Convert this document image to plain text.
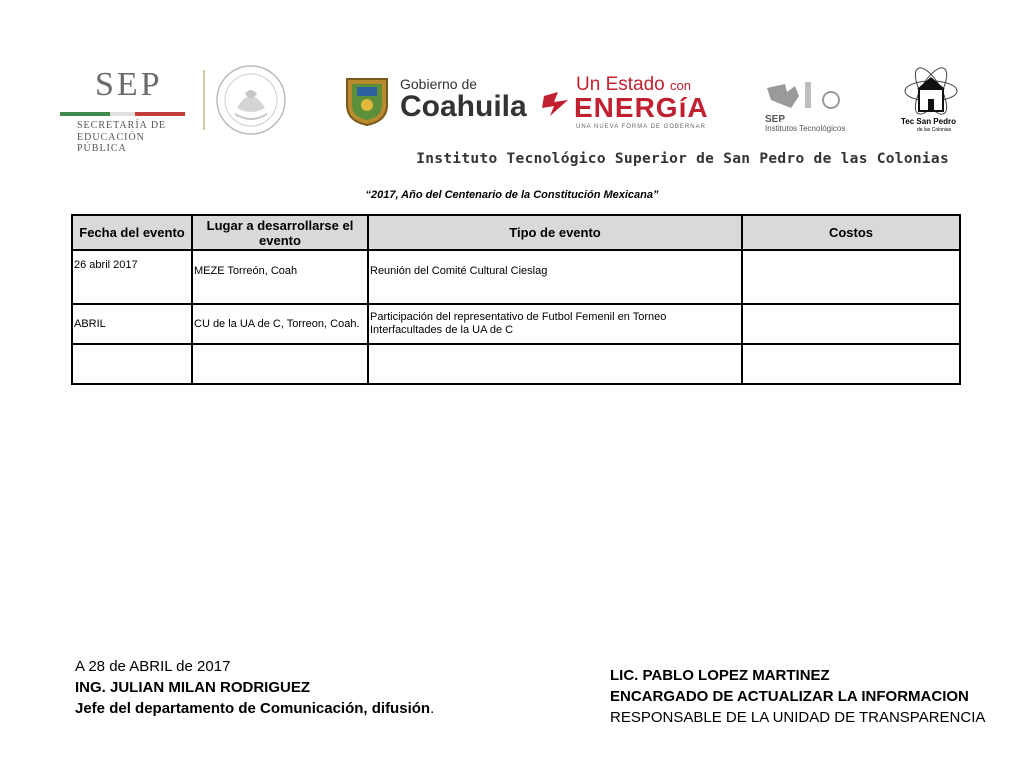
SEP
SECRETARÍA DE
EDUCACIÓN PÚBLICA
Gobierno de
Coahuila
Un Estado con
ENERGíA
UNA NUEVA FORMA DE GOBERNAR
SEP
Institutos Tecnológicos
Tec San Pedro
de las Colonias
Instituto Tecnológico Superior de San Pedro de las Colonias
“2017, Año del Centenario de la Constitución Mexicana”
Fecha del evento	Lugar a desarrollarse el evento	Tipo de evento	Costos
26 abril 2017	MEZE Torreón, Coah	Reunión del Comité Cultural Cieslag	
ABRIL	CU de la UA de C, Torreon, Coah.	Participación del representativo de Futbol Femenil en Torneo Interfacultades de la UA de C	

A 28 de ABRIL de 2017
ING. JULIAN MILAN RODRIGUEZ
Jefe del departamento de Comunicación, difusión.
LIC. PABLO LOPEZ MARTINEZ
ENCARGADO DE ACTUALIZAR LA INFORMACION
RESPONSABLE DE LA UNIDAD DE TRANSPARENCIA
